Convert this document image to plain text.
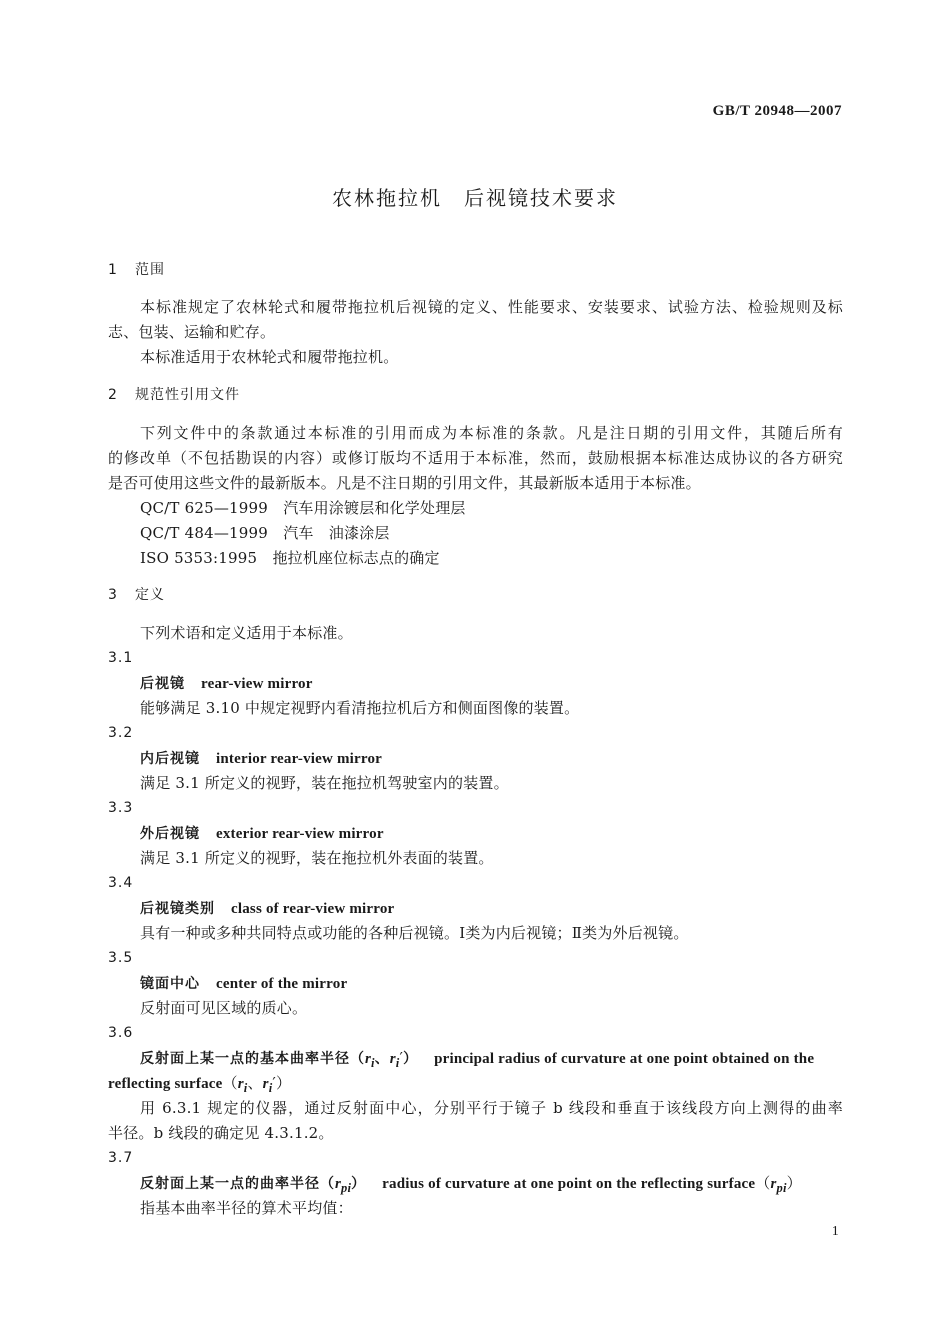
GB/T 20948—2007
农林拖拉机　后视镜技术要求
1 范围
本标准规定了农林轮式和履带拖拉机后视镜的定义、性能要求、安装要求、试验方法、检验规则及标
志、包装、运输和贮存。
本标准适用于农林轮式和履带拖拉机。
2 规范性引用文件
下列文件中的条款通过本标准的引用而成为本标准的条款。凡是注日期的引用文件，其随后所有
的修改单（不包括勘误的内容）或修订版均不适用于本标准，然而，鼓励根据本标准达成协议的各方研究
是否可使用这些文件的最新版本。凡是不注日期的引用文件，其最新版本适用于本标准。
QC/T 625—1999　汽车用涂镀层和化学处理层
QC/T 484—1999　汽车　油漆涂层
ISO 5353:1995　拖拉机座位标志点的确定
3 定义
下列术语和定义适用于本标准。
3.1
后视镜 rear-view mirror
能够满足 3.10 中规定视野内看清拖拉机后方和侧面图像的装置。
3.2
内后视镜 interior rear-view mirror
满足 3.1 所定义的视野，装在拖拉机驾驶室内的装置。
3.3
外后视镜 exterior rear-view mirror
满足 3.1 所定义的视野，装在拖拉机外表面的装置。
3.4
后视镜类别 class of rear-view mirror
具有一种或多种共同特点或功能的各种后视镜。Ⅰ类为内后视镜；Ⅱ类为外后视镜。
3.5
镜面中心 center of the mirror
反射面可见区域的质心。
3.6
反射面上某一点的基本曲率半径（$r_i$、$r_i'$） principal radius of curvature at one point obtained on the
reflecting $surface(r_i$、$r_i'$）
用 6.3.1 规定的仪器，通过反射面中心，分别平行于镜子 b 线段和垂直于该线段方向上测得的曲率
半径。b 线段的确定见 4.3.1.2。
3.7
反射面上某一点的曲率半径$(r_{pi})$ radius of curvature at one point on the reflecting $surface(r_{pi})$
指基本曲率半径的算术平均值：
1
